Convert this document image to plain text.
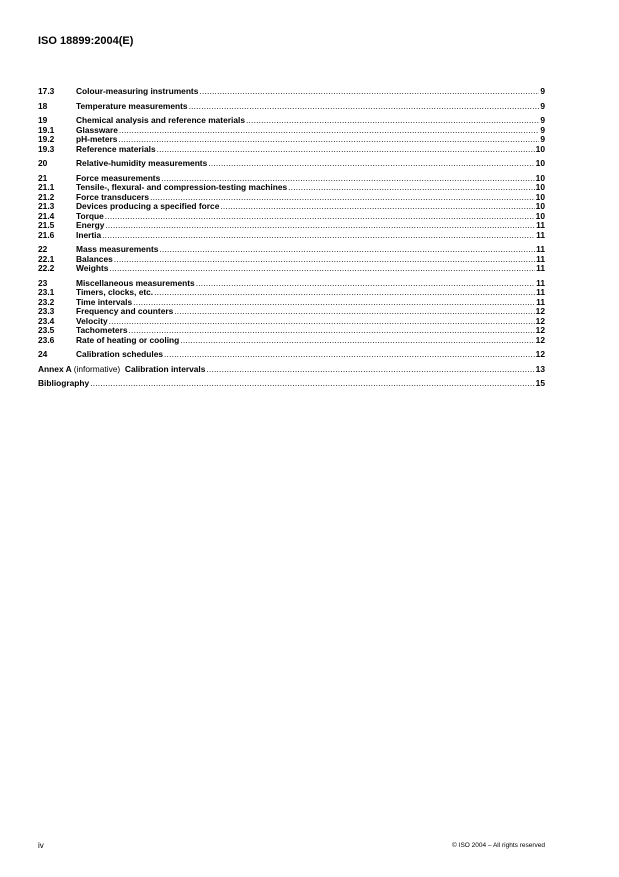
ISO 18899:2004(E)
17.3	Colour-measuring instruments .....	9
18	Temperature measurements .....	9
19	Chemical analysis and reference materials .....	9
19.1	Glassware .....	9
19.2	pH-meters .....	9
19.3	Reference materials .....	10
20	Relative-humidity measurements .....	10
21	Force measurements .....	10
21.1	Tensile-, flexural- and compression-testing machines .....	10
21.2	Force transducers .....	10
21.3	Devices producing a specified force .....	10
21.4	Torque .....	10
21.5	Energy .....	11
21.6	Inertia .....	11
22	Mass measurements .....	11
22.1	Balances .....	11
22.2	Weights .....	11
23	Miscellaneous measurements .....	11
23.1	Timers, clocks, etc. .....	11
23.2	Time intervals .....	11
23.3	Frequency and counters .....	12
23.4	Velocity .....	12
23.5	Tachometers .....	12
23.6	Rate of heating or cooling .....	12
24	Calibration schedules .....	12
Annex A (informative) Calibration intervals .....	13
Bibliography .....	15
iv	© ISO 2004 – All rights reserved
